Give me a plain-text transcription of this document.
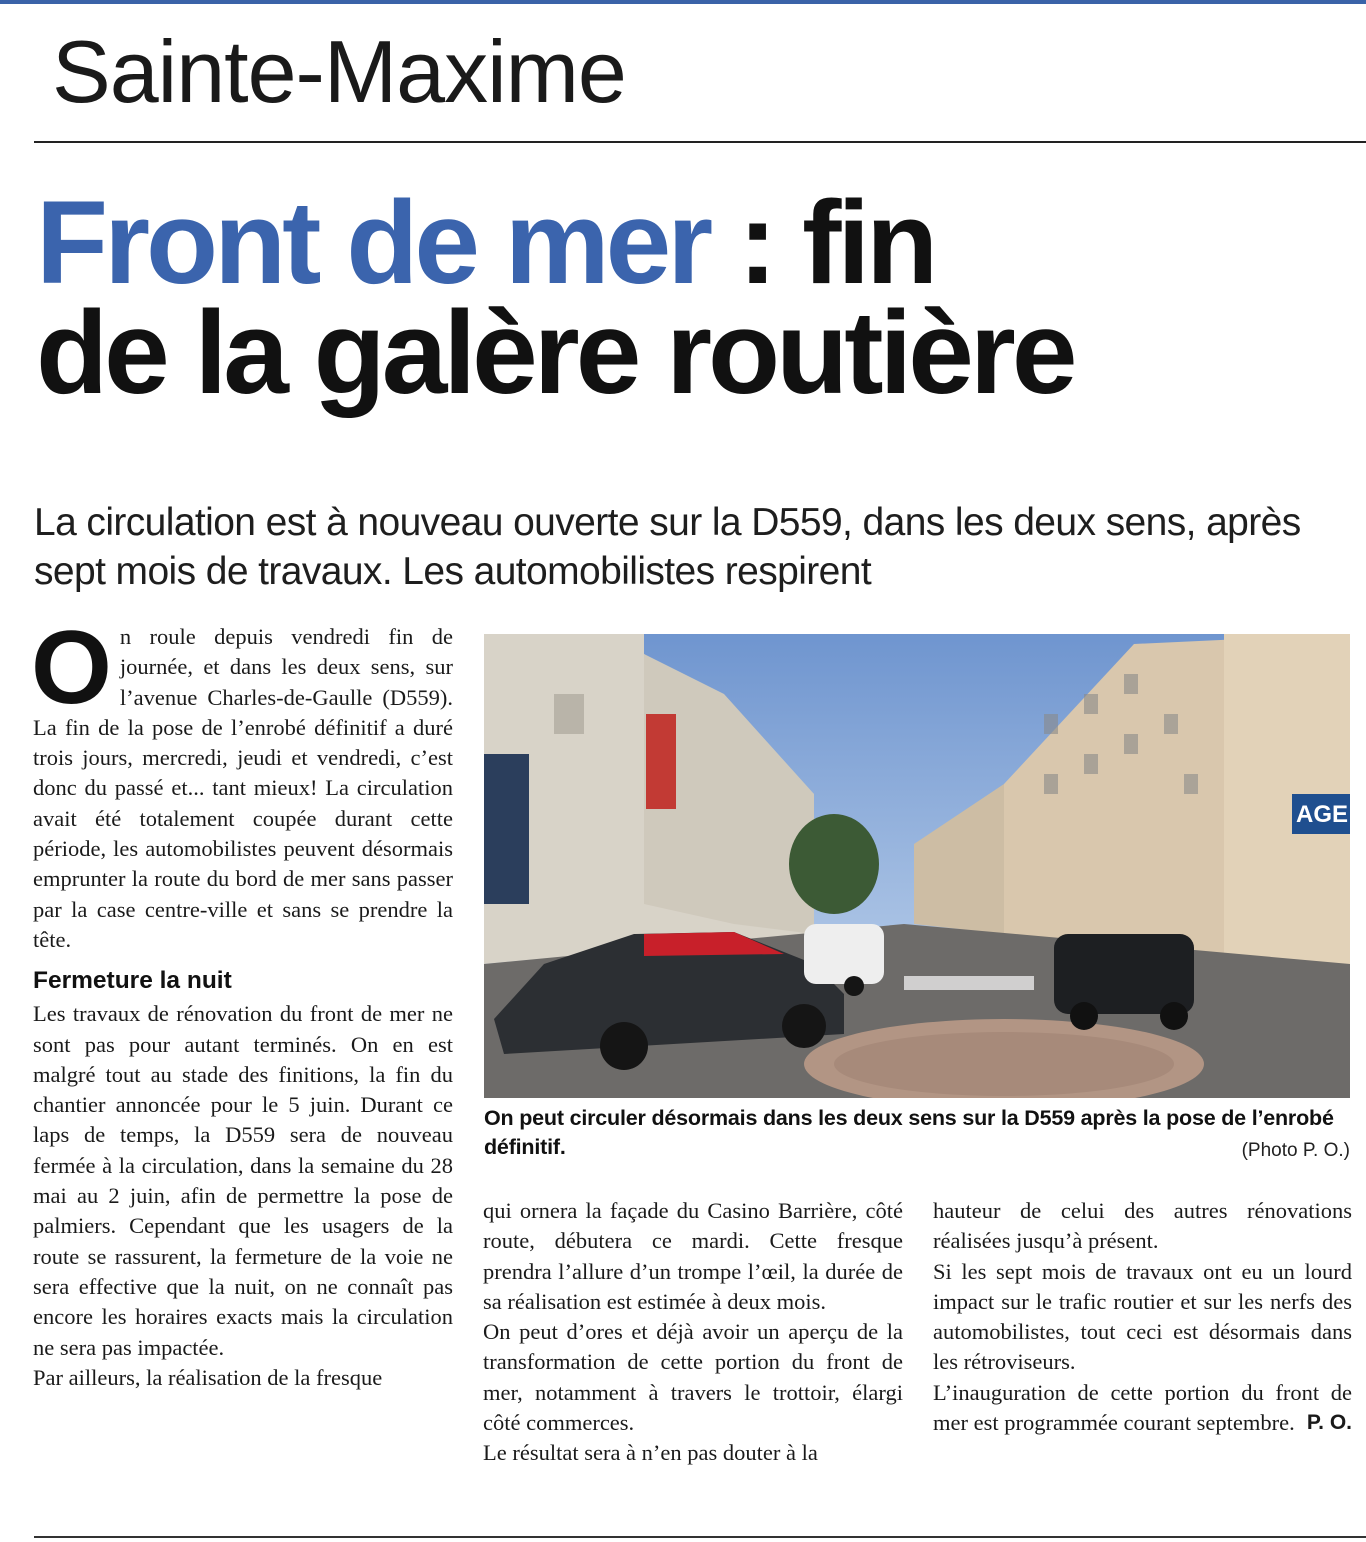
Sainte-Maxime
Front de mer : fin
de la galère routière
La circulation est à nouveau ouverte sur la D559, dans les deux sens, après sept mois de travaux. Les automobilistes respirent

On roule depuis vendredi fin de journée, et dans les deux sens, sur l’avenue Charles-de-Gaulle (D559). La fin de la pose de l’enrobé définitif a duré trois jours, mercredi, jeudi et vendredi, c’est donc du passé et... tant mieux! La circulation avait été totalement coupée durant cette période, les automobilistes peuvent désormais emprunter la route du bord de mer sans passer par la case centre-ville et sans se prendre la tête.

Fermeture la nuit

Les travaux de rénovation du front de mer ne sont pas pour autant terminés. On en est malgré tout au stade des finitions, la fin du chantier annoncée pour le 5 juin. Durant ce laps de temps, la D559 sera de nouveau fermée à la circulation, dans la semaine du 28 mai au 2 juin, afin de permettre la pose de palmiers. Cependant que les usagers de la route se rassurent, la fermeture de la voie ne sera effective que la nuit, on ne connaît pas encore les horaires exacts mais la circulation ne sera pas impactée.

Par ailleurs, la réalisation de la fresque

AGE
On peut circuler désormais dans les deux sens sur la D559 après la pose de l’enrobé définitif.	(Photo P. O.)

qui ornera la façade du Casino Barrière, côté route, débutera ce mardi. Cette fresque prendra l’allure d’un trompe l’œil, la durée de sa réalisation est estimée à deux mois.

On peut d’ores et déjà avoir un aperçu de la transformation de cette portion du front de mer, notamment à travers le trottoir, élargi côté commerces.

Le résultat sera à n’en pas douter à la

hauteur de celui des autres rénovations réalisées jusqu’à présent.

Si les sept mois de travaux ont eu un lourd impact sur le trafic routier et sur les nerfs des automobilistes, tout ceci est désormais dans les rétroviseurs.

L’inauguration de cette portion du front de mer est programmée courant septembre. P. O.
